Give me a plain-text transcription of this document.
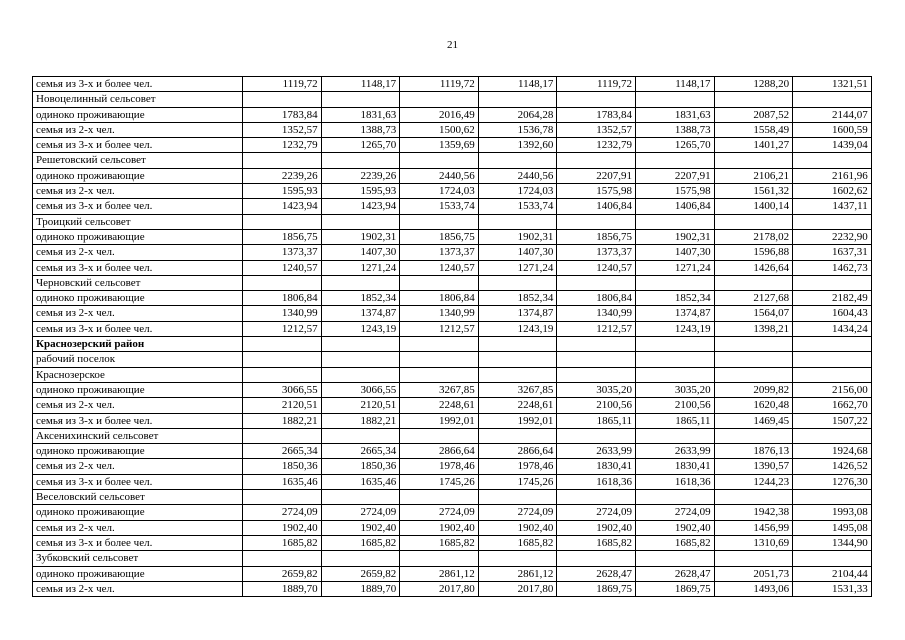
21
семья из 3-х и более чел.	1119,72	1148,17	1119,72	1148,17	1119,72	1148,17	1288,20	1321,51
Новоцелинный сельсовет								
одиноко проживающие	1783,84	1831,63	2016,49	2064,28	1783,84	1831,63	2087,52	2144,07
семья из 2-х чел.	1352,57	1388,73	1500,62	1536,78	1352,57	1388,73	1558,49	1600,59
семья из 3-х и более чел.	1232,79	1265,70	1359,69	1392,60	1232,79	1265,70	1401,27	1439,04
Решетовский сельсовет								
одиноко проживающие	2239,26	2239,26	2440,56	2440,56	2207,91	2207,91	2106,21	2161,96
семья из 2-х чел.	1595,93	1595,93	1724,03	1724,03	1575,98	1575,98	1561,32	1602,62
семья из 3-х и более чел.	1423,94	1423,94	1533,74	1533,74	1406,84	1406,84	1400,14	1437,11
Троицкий сельсовет								
одиноко проживающие	1856,75	1902,31	1856,75	1902,31	1856,75	1902,31	2178,02	2232,90
семья из 2-х чел.	1373,37	1407,30	1373,37	1407,30	1373,37	1407,30	1596,88	1637,31
семья из 3-х и более чел.	1240,57	1271,24	1240,57	1271,24	1240,57	1271,24	1426,64	1462,73
Черновский сельсовет								
одиноко проживающие	1806,84	1852,34	1806,84	1852,34	1806,84	1852,34	2127,68	2182,49
семья из 2-х чел.	1340,99	1374,87	1340,99	1374,87	1340,99	1374,87	1564,07	1604,43
семья из 3-х и более чел.	1212,57	1243,19	1212,57	1243,19	1212,57	1243,19	1398,21	1434,24
Краснозерский район								
рабочий поселок								
Краснозерское								
одиноко проживающие	3066,55	3066,55	3267,85	3267,85	3035,20	3035,20	2099,82	2156,00
семья из 2-х чел.	2120,51	2120,51	2248,61	2248,61	2100,56	2100,56	1620,48	1662,70
семья из 3-х и более чел.	1882,21	1882,21	1992,01	1992,01	1865,11	1865,11	1469,45	1507,22
Аксенихинский сельсовет								
одиноко проживающие	2665,34	2665,34	2866,64	2866,64	2633,99	2633,99	1876,13	1924,68
семья из 2-х чел.	1850,36	1850,36	1978,46	1978,46	1830,41	1830,41	1390,57	1426,52
семья из 3-х и более чел.	1635,46	1635,46	1745,26	1745,26	1618,36	1618,36	1244,23	1276,30
Веселовский сельсовет								
одиноко проживающие	2724,09	2724,09	2724,09	2724,09	2724,09	2724,09	1942,38	1993,08
семья из 2-х чел.	1902,40	1902,40	1902,40	1902,40	1902,40	1902,40	1456,99	1495,08
семья из 3-х и более чел.	1685,82	1685,82	1685,82	1685,82	1685,82	1685,82	1310,69	1344,90
Зубковский сельсовет								
одиноко проживающие	2659,82	2659,82	2861,12	2861,12	2628,47	2628,47	2051,73	2104,44
семья из 2-х чел.	1889,70	1889,70	2017,80	2017,80	1869,75	1869,75	1493,06	1531,33
